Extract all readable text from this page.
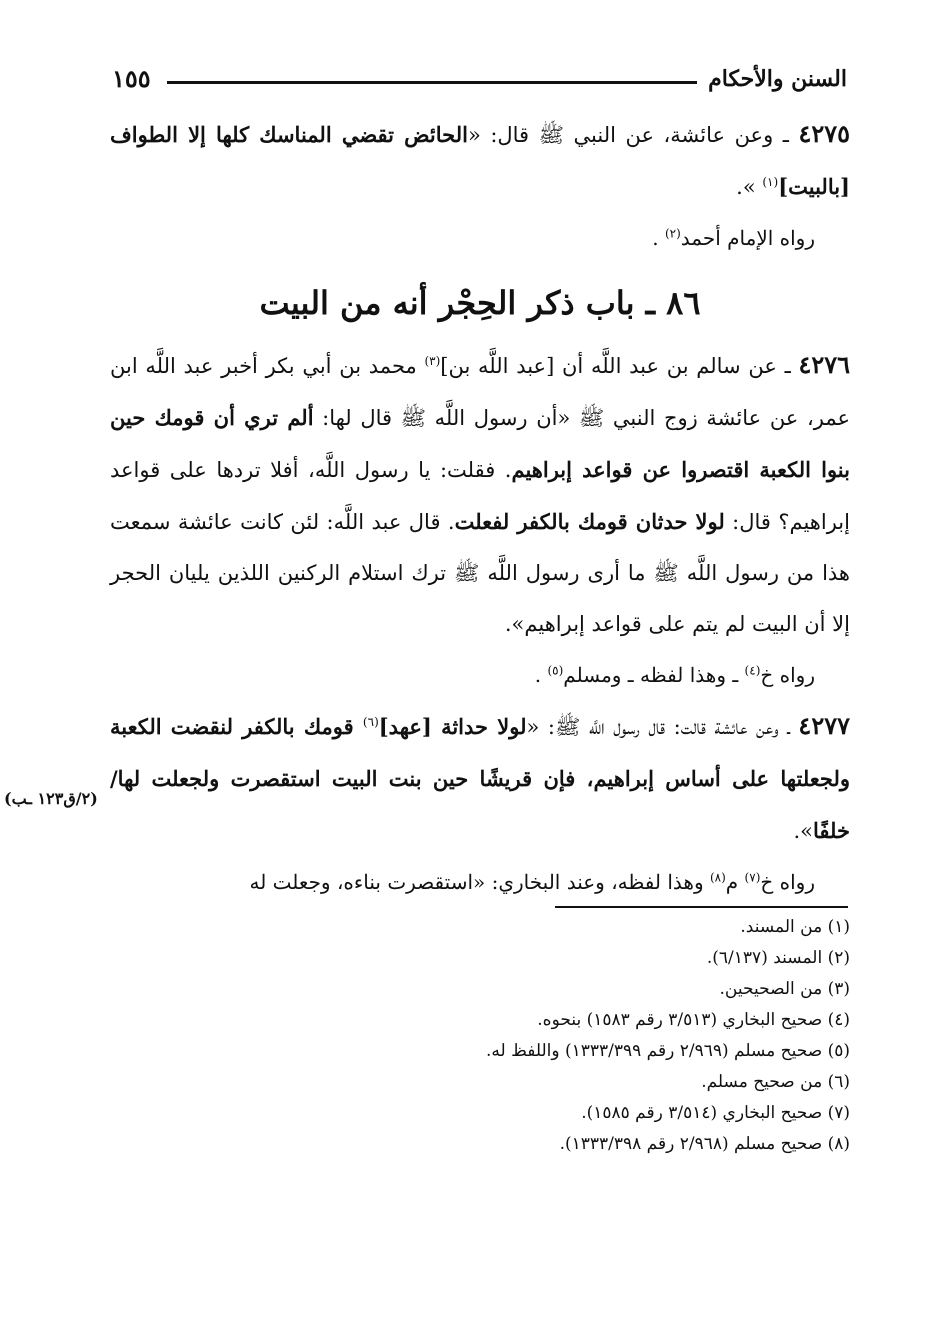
السنن والأحكام
١٥٥

٤٢٧٥ ـ وعن عائشة، عن النبي ﷺ قال: «الحائض تقضي المناسك كلها إلا الطواف [بالبيت]$^{(١)}$ ».

رواه الإمام أحمد$^{(٢)}$ .

٨٦ ـ باب ذكر الحِجْر أنه من البيت

٤٢٧٦ ـ عن سالم بن عبد اللَّه أن [عبد اللَّه بن]$^{(٣)}$ محمد بن أبي بكر أخبر عبد اللَّه ابن عمر، عن عائشة زوج النبي ﷺ «أن رسول اللَّه ﷺ قال لها: ألم تري أن قومك حين بنوا الكعبة اقتصروا عن قواعد إبراهيم. فقلت: يا رسول اللَّه، أفلا تردها على قواعد إبراهيم؟ قال: لولا حدثان قومك بالكفر لفعلت. قال عبد اللَّه: لئن كانت عائشة سمعت هذا من رسول اللَّه ﷺ ما أرى رسول اللَّه ﷺ ترك استلام الركنين اللذين يليان الحجر إلا أن البيت لم يتم على قواعد إبراهيم».

رواه خ$^{(٤)}$ ـ وهذا لفظه ـ ومسلم$^{(٥)}$ .

٤٢٧٧ ـ وعن عائشة قالت: قال رسول اللَّه ﷺ: «لولا حداثة [عهد]$^{(٦)}$ قومك بالكفر لنقضت الكعبة ولجعلتها على أساس إبراهيم، فإن قريشًا حين بنت البيت استقصرت ولجعلت لها/ خلفًا».

رواه خ$^{(٧)}$ م$^{(٨)}$ وهذا لفظه، وعند البخاري: «استقصرت بناءه، وجعلت له

(٢/ق١٢٣ ـب)
(١) من المسند.
(٢) المسند (٦/١٣٧).
(٣) من الصحيحين.
(٤) صحيح البخاري (٣/٥١٣ رقم ١٥٨٣) بنحوه.
(٥) صحيح مسلم (٢/٩٦٩ رقم ١٣٣٣/٣٩٩) واللفظ له.
(٦) من صحيح مسلم.
(٧) صحيح البخاري (٣/٥١٤ رقم ١٥٨٥).
(٨) صحيح مسلم (٢/٩٦٨ رقم ١٣٣٣/٣٩٨).
